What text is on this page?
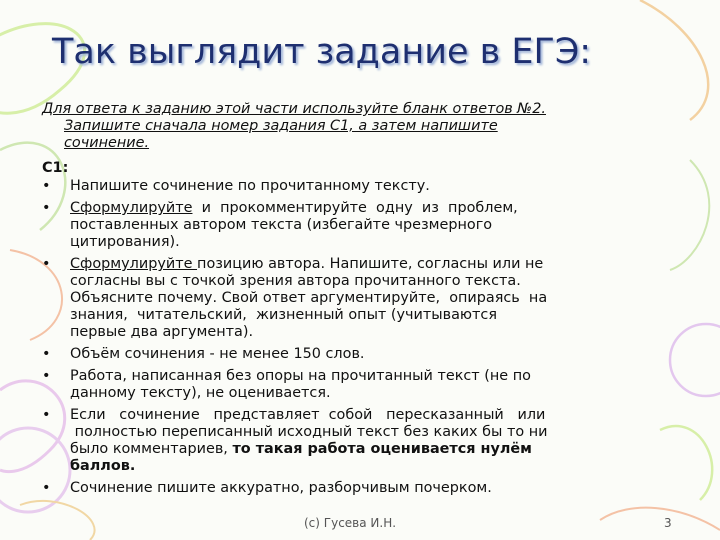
Так выглядит задание в ЕГЭ:
Для ответа к заданию этой части используйте бланк ответов №2.

Запишите сначала номер задания С1, а затем напишите
сочинение.
С1:
• Напишите сочинение по прочитанному тексту.
• Сформулируйте  и  прокомментируйте  одну  из  проблем,
поставленных автором текста (избегайте чрезмерного
цитирования).
• Сформулируйте позицию автора. Напишите, согласны или не
согласны вы с точкой зрения автора прочитанного текста.
Объясните почему. Свой ответ аргументируйте,  опираясь  на
знания,  читательский,  жизненный опыт (учитываются
первые два аргумента).
• Объём сочинения - не менее 150 слов.
• Работа, написанная без опоры на прочитанный текст (не по
данному тексту), не оценивается.
• Если   сочинение   представляет  собой   пересказанный   или
полностью переписанный исходный текст без каких бы то ни
было комментариев, то такая работа оценивается нулём
баллов.
• Сочинение пишите аккуратно, разборчивым почерком.
(c) Гусева И.Н.	3
